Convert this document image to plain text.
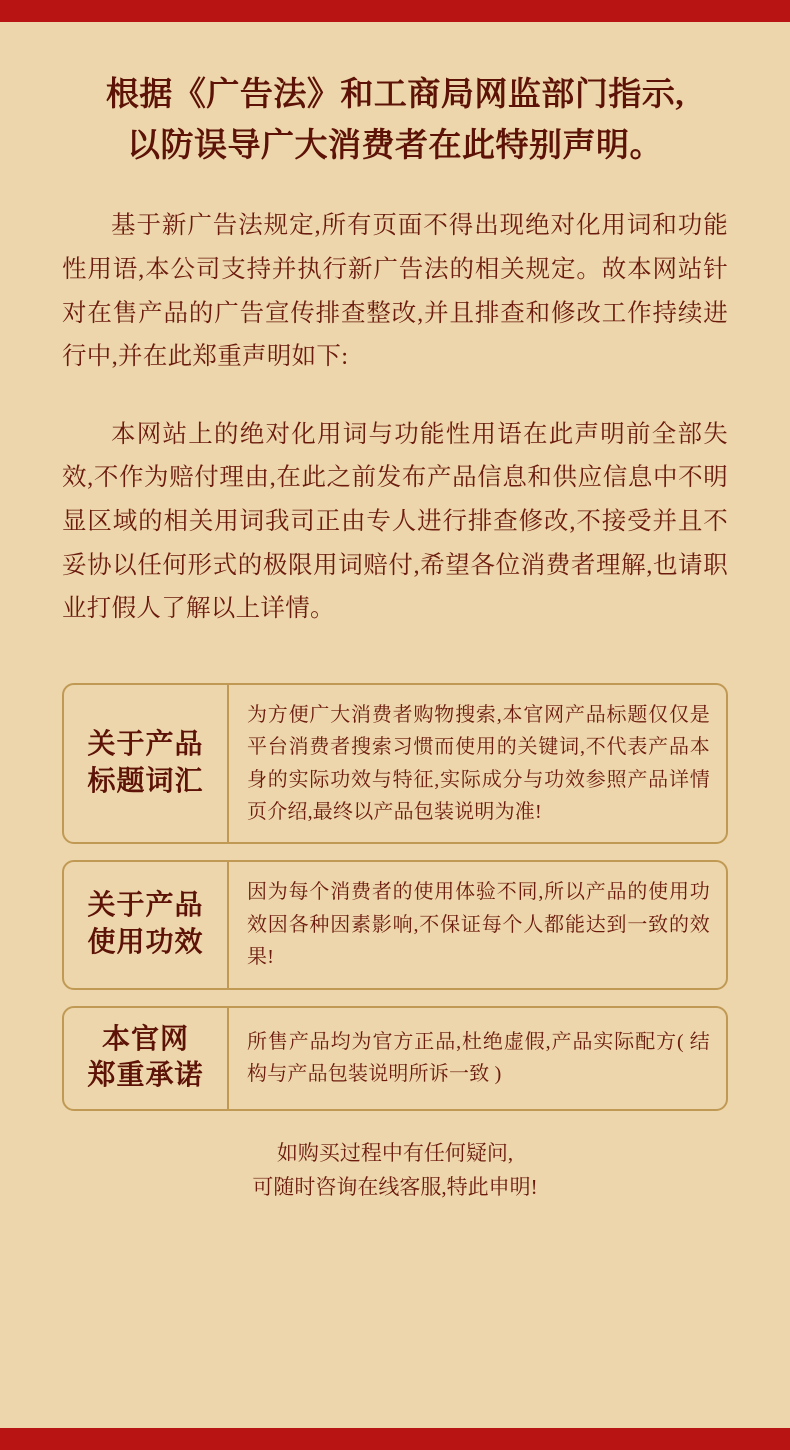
根据《广告法》和工商局网监部门指示,
以防误导广大消费者在此特别声明。

基于新广告法规定,所有页面不得出现绝对化用词和功能性用语,本公司支持并执行新广告法的相关规定。故本网站针对在售产品的广告宣传排查整改,并且排查和修改工作持续进行中,并在此郑重声明如下:

本网站上的绝对化用词与功能性用语在此声明前全部失效,不作为赔付理由,在此之前发布产品信息和供应信息中不明显区域的相关用词我司正由专人进行排查修改,不接受并且不妥协以任何形式的极限用词赔付,希望各位消费者理解,也请职业打假人了解以上详情。

关于产品
标题词汇
为方便广大消费者购物搜索,本官网产品标题仅仅是平台消费者搜索习惯而使用的关键词,不代表产品本身的实际功效与特征,实际成分与功效参照产品详情页介绍,最终以产品包装说明为准!
关于产品
使用功效
因为每个消费者的使用体验不同,所以产品的使用功效因各种因素影响,不保证每个人都能达到一致的效果!
本官网
郑重承诺
所售产品均为官方正品,杜绝虚假,产品实际配方( 结构与产品包装说明所诉一致 )
如购买过程中有任何疑问,
可随时咨询在线客服,特此申明!
